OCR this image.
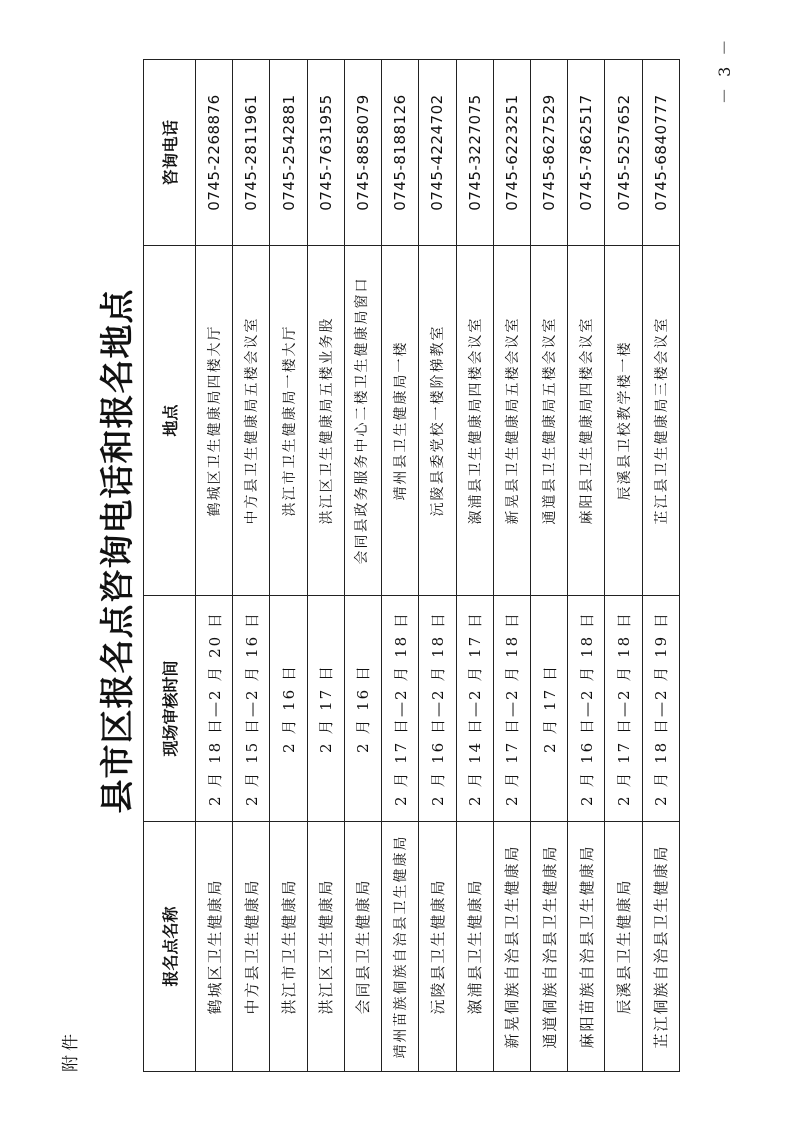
附件
县市区报名点咨询电话和报名地点
报名点名称	现场审核时间	地点	咨询电话
鹤城区卫生健康局	2 月 18 日—2 月 20 日	鹤城区卫生健康局四楼大厅	0745-2268876
中方县卫生健康局	2 月 15 日—2 月 16 日	中方县卫生健康局五楼会议室	0745-2811961
洪江市卫生健康局	2 月 16 日	洪江市卫生健康局一楼大厅	0745-2542881
洪江区卫生健康局	2 月 17 日	洪江区卫生健康局五楼业务股	0745-7631955
会同县卫生健康局	2 月 16 日	会同县政务服务中心二楼卫生健康局窗口	0745-8858079
靖州苗族侗族自治县卫生健康局	2 月 17 日—2 月 18 日	靖州县卫生健康局一楼	0745-8188126
沅陵县卫生健康局	2 月 16 日—2 月 18 日	沅陵县委党校一楼阶梯教室	0745-4224702
溆浦县卫生健康局	2 月 14 日—2 月 17 日	溆浦县卫生健康局四楼会议室	0745-3227075
新晃侗族自治县卫生健康局	2 月 17 日—2 月 18 日	新晃县卫生健康局五楼会议室	0745-6223251
通道侗族自治县卫生健康局	2 月 17 日	通道县卫生健康局五楼会议室	0745-8627529
麻阳苗族自治县卫生健康局	2 月 16 日—2 月 18 日	麻阳县卫生健康局四楼会议室	0745-7862517
辰溪县卫生健康局	2 月 17 日—2 月 18 日	辰溪县卫校教学楼一楼	0745-5257652
芷江侗族自治县卫生健康局	2 月 18 日—2 月 19 日	芷江县卫生健康局三楼会议室	0745-6840777
－ 3 －
